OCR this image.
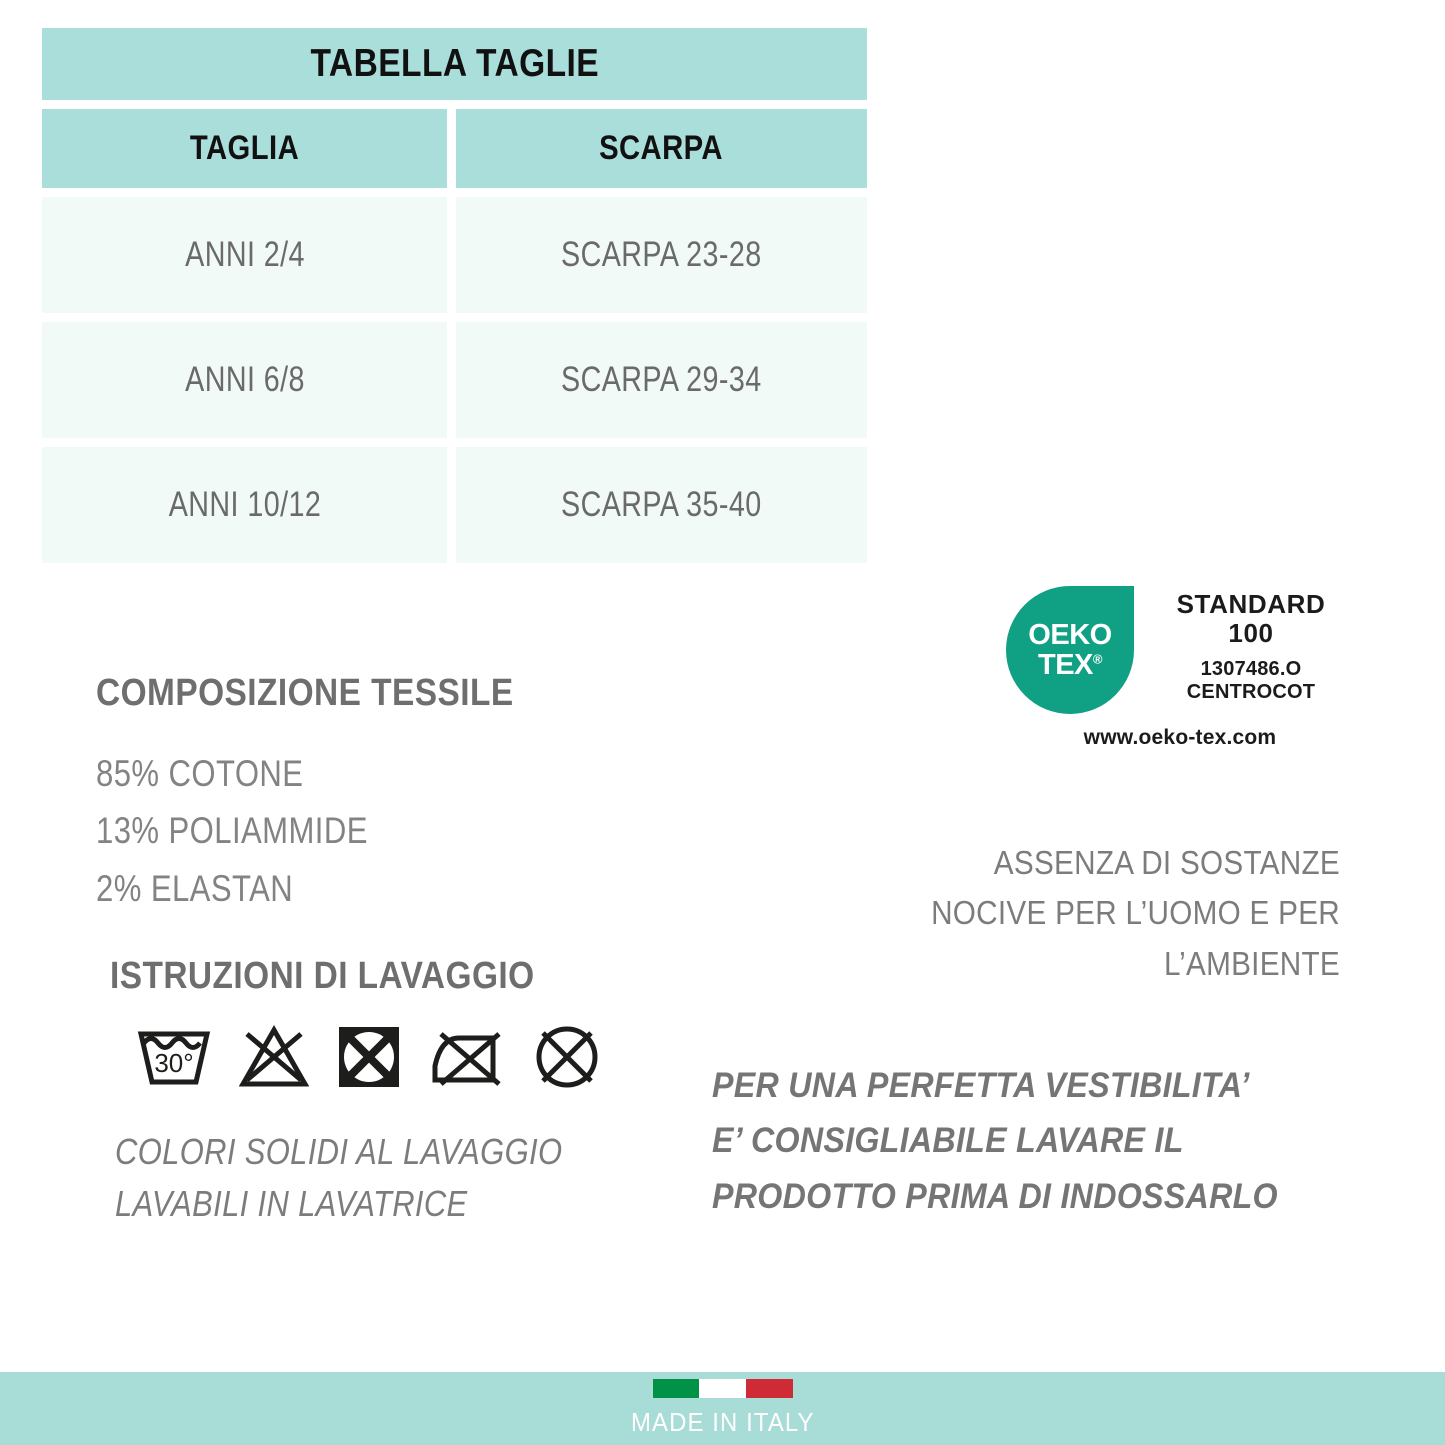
TABELLA TAGLIE
TAGLIA	SCARPA
ANNI 2/4	SCARPA 23-28
ANNI 6/8	SCARPA 29-34
ANNI 10/12	SCARPA 35-40
OEKO
TEX®
STANDARD
100
1307486.O
CENTROCOT
www.oeko-tex.com
COMPOSIZIONE TESSILE
85% COTONE
13% POLIAMMIDE
2% ELASTAN
ISTRUZIONI DI LAVAGGIO
30°
COLORI SOLIDI AL LAVAGGIO
LAVABILI IN LAVATRICE
ASSENZA DI SOSTANZE
NOCIVE PER L’UOMO E PER
L’AMBIENTE
PER UNA PERFETTA VESTIBILITA’
E’ CONSIGLIABILE LAVARE IL
PRODOTTO PRIMA DI INDOSSARLO
MADE IN ITALY
